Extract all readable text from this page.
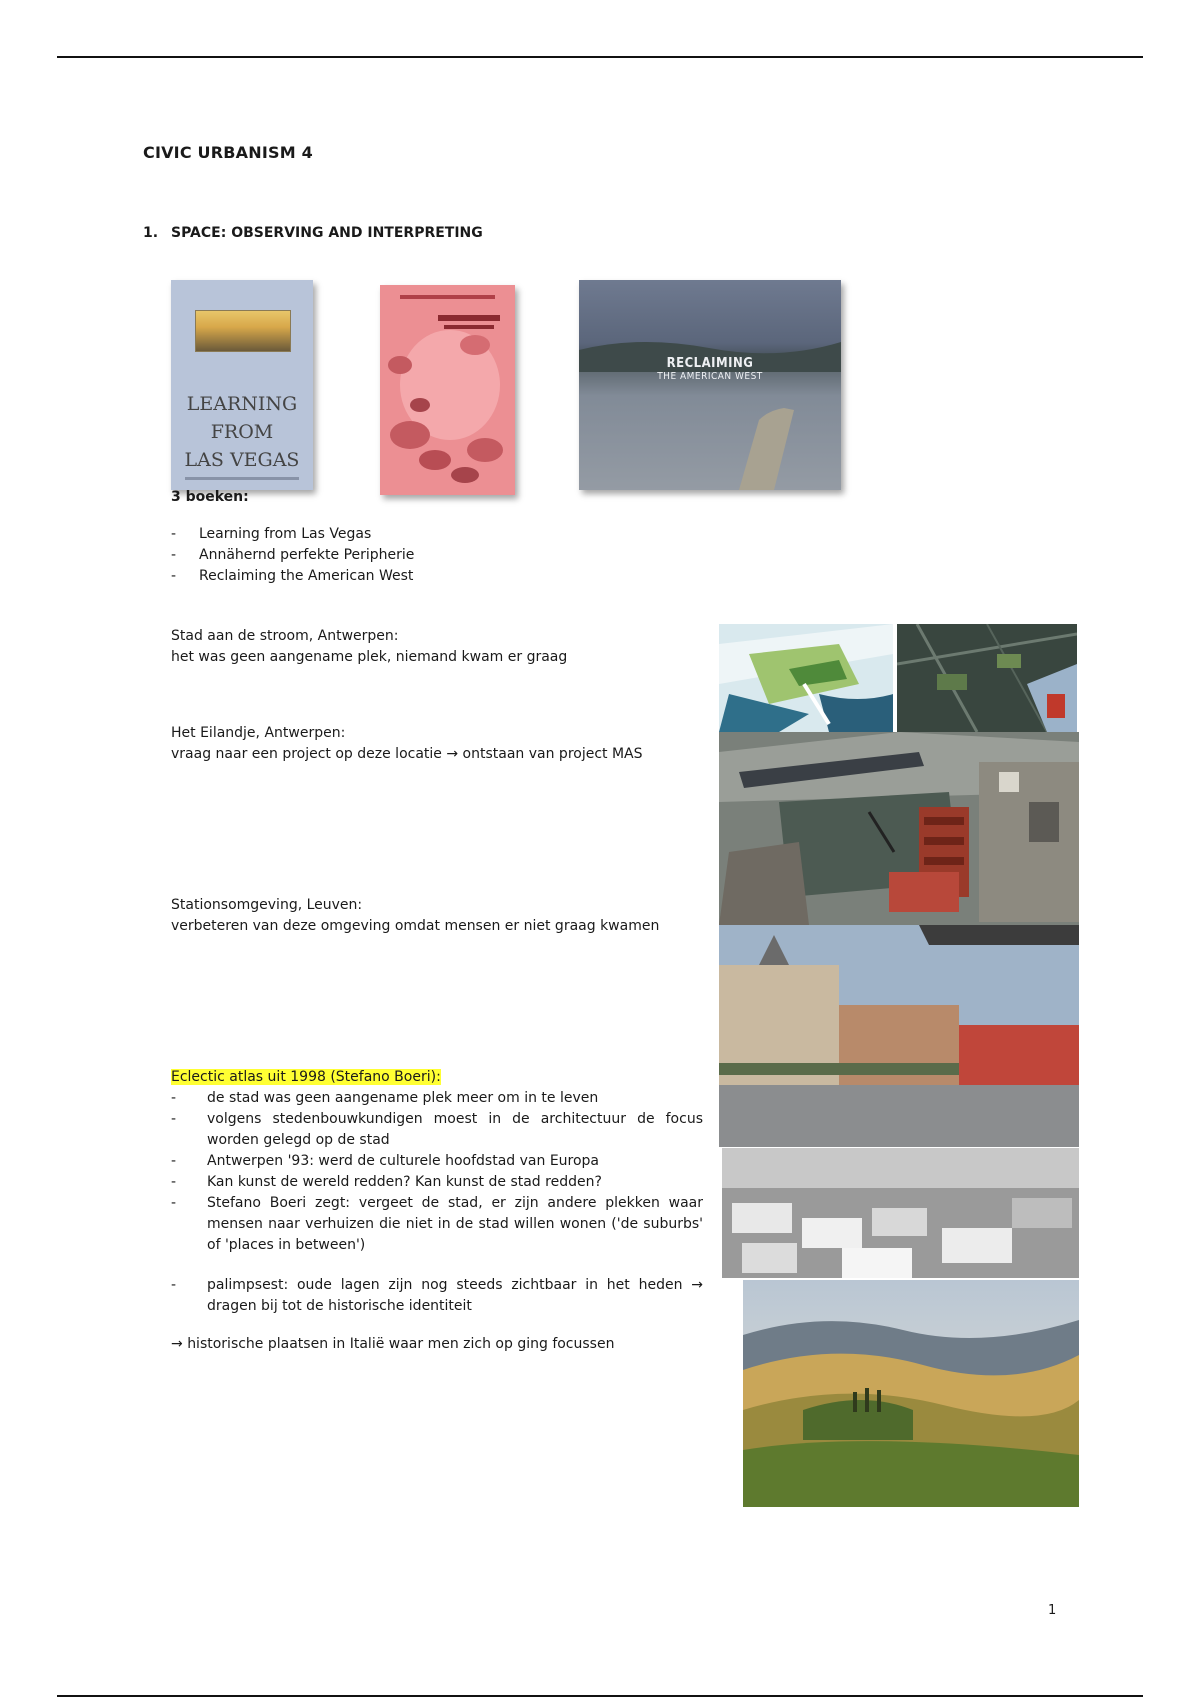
CIVIC URBANISM 4
1. SPACE: OBSERVING AND INTERPRETING
LEARNING
FROM
LAS VEGAS
RECLAIMING
THE AMERICAN WEST
3 boeken:
- Learning from Las Vegas
- Annähernd perfekte Peripherie
- Reclaiming the American West
Stad aan de stroom, Antwerpen:
het was geen aangename plek, niemand kwam er graag
Het Eilandje, Antwerpen:
vraag naar een project op deze locatie → ontstaan van project MAS
Stationsomgeving, Leuven:
verbeteren van deze omgeving omdat mensen er niet graag kwamen
Eclectic atlas uit 1998 (Stefano Boeri):
- de stad was geen aangename plek meer om in te leven
- volgens stedenbouwkundigen moest in de architectuur de focus worden gelegd op de stad
- Antwerpen '93: werd de culturele hoofdstad van Europa
- Kan kunst de wereld redden? Kan kunst de stad redden?
- Stefano Boeri zegt: vergeet de stad, er zijn andere plekken waar mensen naar verhuizen die niet in de stad willen wonen ('de suburbs' of 'places in between')
- palimpsest: oude lagen zijn nog steeds zichtbaar in het heden → dragen bij tot de historische identiteit
→ historische plaatsen in Italië waar men zich op ging focussen
1
